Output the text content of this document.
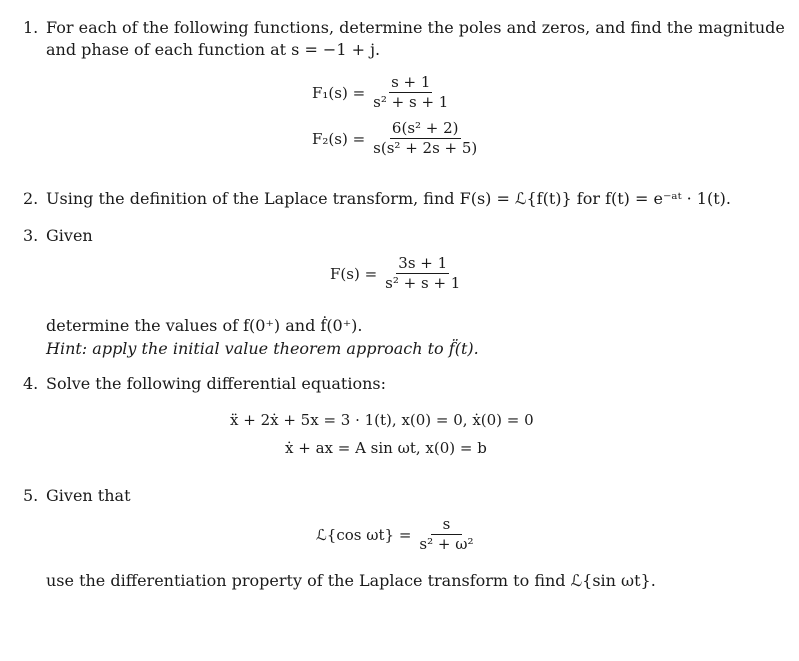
1. For each of the following functions, determine the poles and zeros, and find the magnitude
and phase of each function at s = −1 + j.
$F_1(s) = \frac{s + 1}{\text{s² + s + 1}}$
$F_2(s) = \frac{\text{6(s² + 2)}}{\text{s(s² + 2s + 5)}}$
2. Using the definition of the Laplace transform, find F(s) = ℒ{f(t)} for f(t) = e⁻ᵃᵗ · 1(t).
3. Given
$F(s) = \frac{3s + 1}{\text{s² + s + 1}}$
determine the values of f(0⁺) and ḟ(0⁺).
Hint: apply the initial value theorem approach to f̈(t).
4. Solve the following differential equations:
ẍ + 2ẋ + 5x = 3 · 1(t), x(0) = 0, ẋ(0) = 0
ẋ + ax = A sin ωt, x(0) = b
5. Given that
ℒ{cos $\omega t\} = \frac{s}{\text{s² + ω²}}$
use the differentiation property of the Laplace transform to find ℒ{sin ωt}.
